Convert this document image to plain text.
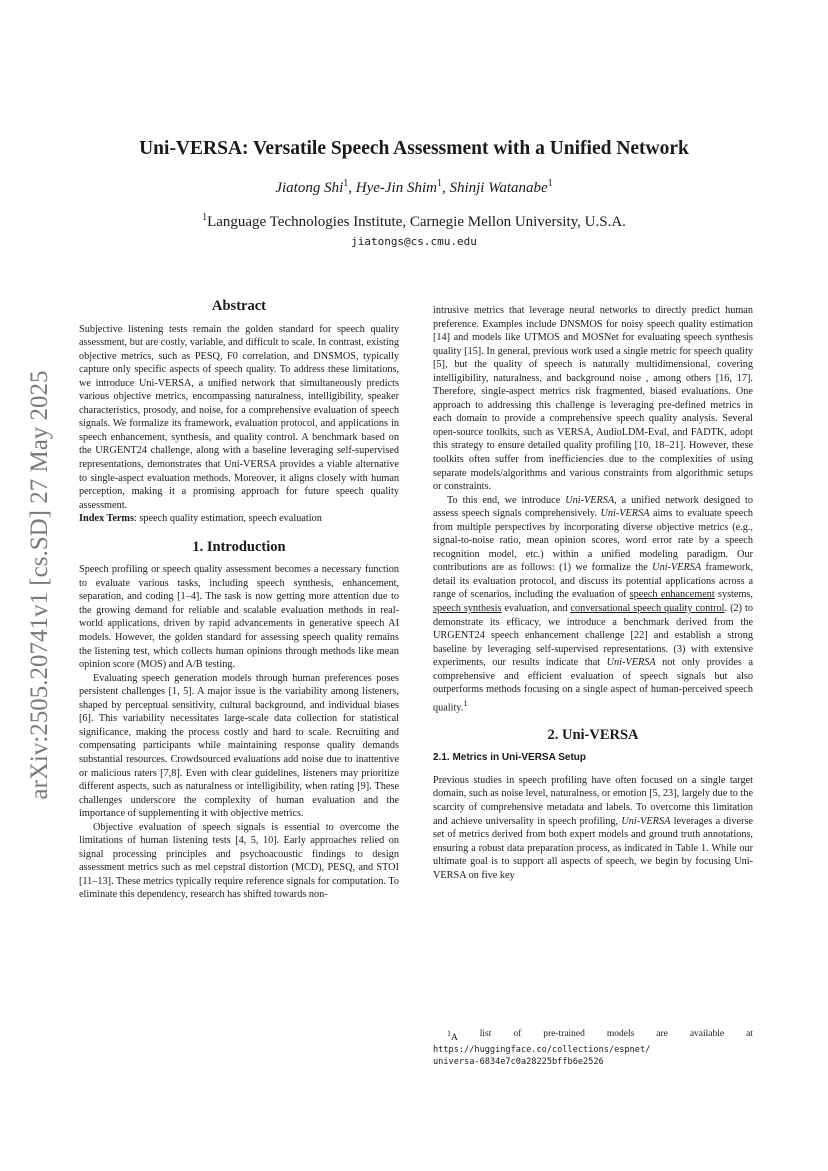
Uni-VERSA: Versatile Speech Assessment with a Unified Network
Jiatong Shi$^1$, Hye-Jin Shim$^1$, Shinji Watanabe$^1$
$^1$Language Technologies Institute, Carnegie Mellon University, U.S.A.
jiatongs@cs.cmu.edu
arXiv:2505.20741v1 [cs.SD] 27 May 2025
Abstract

Subjective listening tests remain the golden standard for speech quality assessment, but are costly, variable, and difficult to scale. In contrast, existing objective metrics, such as PESQ, F0 correlation, and DNSMOS, typically capture only specific aspects of speech quality. To address these limitations, we introduce Uni-VERSA, a unified network that simultaneously predicts various objective metrics, encompassing naturalness, intelligibility, speaker characteristics, prosody, and noise, for a comprehensive evaluation of speech signals. We formalize its framework, evaluation protocol, and applications in speech enhancement, synthesis, and quality control. A benchmark based on the URGENT24 challenge, along with a baseline leveraging self-supervised representations, demonstrates that Uni-VERSA provides a viable alternative to single-aspect evaluation methods. Moreover, it aligns closely with human perception, making it a promising approach for future speech quality assessment.

Index Terms: speech quality estimation, speech evaluation

1. Introduction

Speech profiling or speech quality assessment becomes a necessary function to evaluate various tasks, including speech synthesis, enhancement, separation, and coding [1–4]. The task is now getting more attention due to the growing demand for reliable and scalable evaluation methods in real-world applications, driven by rapid advancements in generative speech AI models. However, the golden standard for assessing speech quality remains the listening test, which collects human opinions through methods like mean opinion score (MOS) and A/B testing.

Evaluating speech generation models through human preferences poses persistent challenges [1, 5]. A major issue is the variability among listeners, shaped by perceptual sensitivity, cultural background, and individual biases [6]. This variability necessitates large-scale data collection for statistical significance, making the process costly and hard to scale. Recruiting and compensating participants while maintaining response quality demands substantial resources. Crowdsourced evaluations add noise due to inattentive or malicious raters [7,8]. Even with clear guidelines, listeners may prioritize different aspects, such as naturalness or intelligibility, when rating [9]. These challenges underscore the complexity of human evaluation and the importance of supplementing it with objective metrics.

Objective evaluation of speech signals is essential to overcome the limitations of human listening tests [4, 5, 10]. Early approaches relied on signal processing principles and psychoacoustic findings to design assessment metrics such as mel cepstral distortion (MCD), PESQ, and STOI [11–13]. These metrics typically require reference signals for computation. To eliminate this dependency, research has shifted towards non-

intrusive metrics that leverage neural networks to directly predict human preference. Examples include DNSMOS for noisy speech quality estimation [14] and models like UTMOS and MOSNet for evaluating speech synthesis quality [15]. In general, previous work used a single metric for speech quality [5], but the quality of speech is naturally multidimensional, covering intelligibility, naturalness, and background noise , among others [16, 17]. Therefore, single-aspect metrics risk fragmented, biased evaluations. One approach to addressing this challenge is leveraging pre-defined metrics in each domain to provide a comprehensive speech quality analysis. Several open-source toolkits, such as VERSA, AudioLDM-Eval, and FADTK, adopt this strategy to ensure detailed quality profiling [10, 18–21]. However, these toolkits often suffer from inefficiencies due to the complexities of using separate models/algorithms and various constraints from algorithmic setups or constraints.

To this end, we introduce Uni-VERSA, a unified network designed to assess speech signals comprehensively. Uni-VERSA aims to evaluate speech from multiple perspectives by incorporating diverse objective metrics (e.g., signal-to-noise ratio, mean opinion scores, word error rate by a speech recognition model, etc.) within a unified modeling paradigm. Our contributions are as follows: (1) we formalize the Uni-VERSA framework, detail its evaluation protocol, and discuss its potential applications across a range of scenarios, including the evaluation of speech enhancement systems, speech synthesis evaluation, and conversational speech quality control. (2) to demonstrate its efficacy, we introduce a benchmark derived from the URGENT24 speech enhancement challenge [22] and establish a strong baseline by leveraging self-supervised representations. (3) with extensive experiments, our results indicate that Uni-VERSA not only provides a comprehensive and efficient evaluation of speech signals but also outperforms methods focusing on a single aspect of human-perceived speech quality.$^1$

2. Uni-VERSA
2.1. Metrics in Uni-VERSA Setup

Previous studies in speech profiling have often focused on a single target domain, such as noise level, naturalness, or emotion [5, 23], largely due to the scarcity of comprehensive metadata and labels. To overcome this limitation and achieve universality in speech profiling, Uni-VERSA leverages a diverse set of metrics derived from both expert models and ground truth annotations, ensuring a robust data preparation process, as indicated in Table 1. While our ultimate goal is to support all aspects of speech, we begin by focusing Uni-VERSA on five key

$^1$A list of pre-trained models are available at
https://huggingface.co/collections/espnet/
universa-6834e7c0a28225bffb6e2526
